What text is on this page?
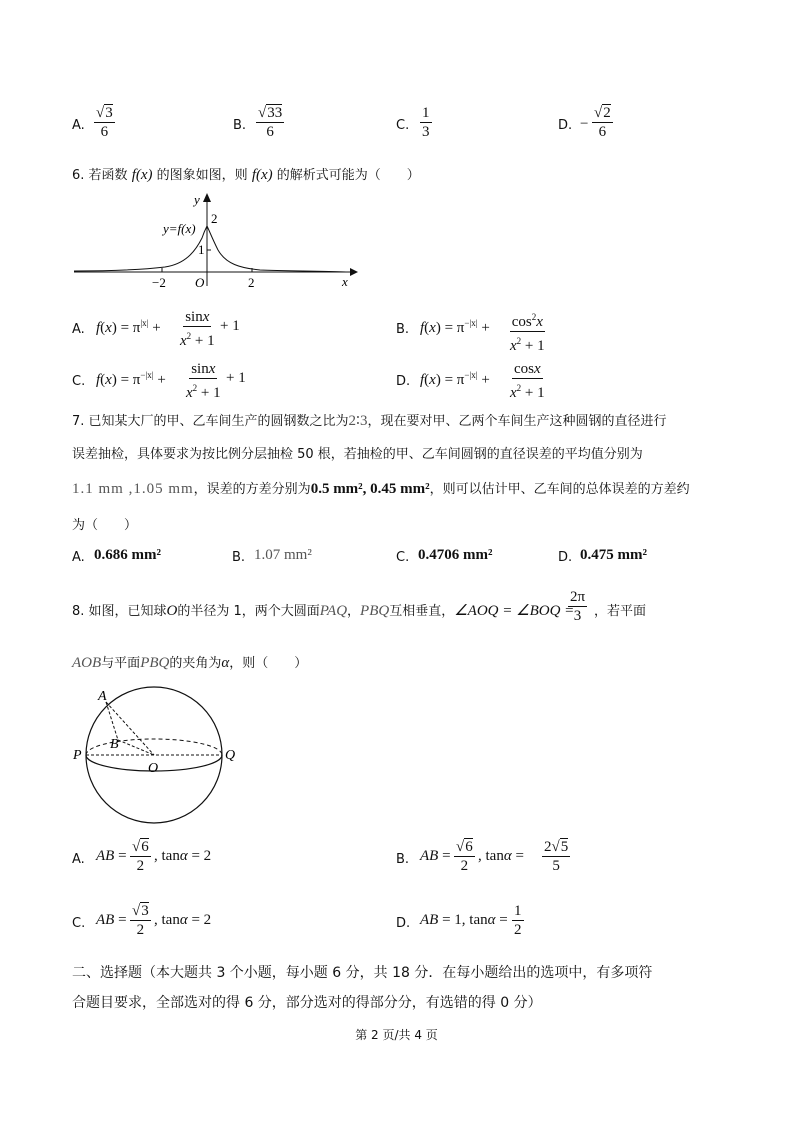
A. $\frac{√3}{6}$	B. $\frac{√33}{6}$	C. $\frac{1}{3}$	D. − $\frac{√2}{6}$
6. 若函数 f(x) 的图象如图，则 f(x) 的解析式可能为（　　）
y
x
y=f(x)
2
1
−2 O	2
A. $f(x) = \pi^{|x|} + \frac{\sin x}{x^2 + 1} + 1$	B. $f(x) = \pi^{-|x|} + \frac{\cos^2x}{x^2 + 1}$
C. $f(x) = \pi^{-|x|} + \frac{\sin x}{x^2 + 1} + 1$	D. $f(x) = \pi^{-|x|} + \frac{\cos x}{x^2 + 1}$
7. 已知某大厂的甲、乙车间生产的圆钢数之比为2∶3，现在要对甲、乙两个车间生产这种圆钢的直径进行
误差抽检，具体要求为按比例分层抽检 50 根，若抽检的甲、乙车间圆钢的直径误差的平均值分别为
1.1 mm ,1.05 mm，误差的方差分别为0.5 mm², 0.45 mm²，则可以估计甲、乙车间的总体误差的方差约
为（　　）
A. 0.686 mm²	B. 1.07 mm²	C. 0.4706 mm²	D. 0.475 mm²
8. 如图，已知球O的半径为 1，两个大圆面PAQ，PBQ互相垂直，∠AOQ = ∠BOQ =
$\frac{2\pi}{3}$ ，若平面
AOB与平面PBQ的夹角为α，则（　　）
A
B
P
O
Q
A. AB = $\frac{√6}{2}$ , tanα = 2	B. AB = $\frac{√6}{2}$ , $\tan\alpha = \frac{2√5}{5}$
C. AB = $\frac{√3}{2}$ , tanα = 2	D. AB = 1, $\tan\alpha = \frac{1}{2}$
二、选择题（本大题共 3 个小题，每小题 6 分，共 18 分．在每小题给出的选项中，有多项符
合题目要求，全部选对的得 6 分，部分选对的得部分分，有选错的得 0 分）
第 2 页/共 4 页
